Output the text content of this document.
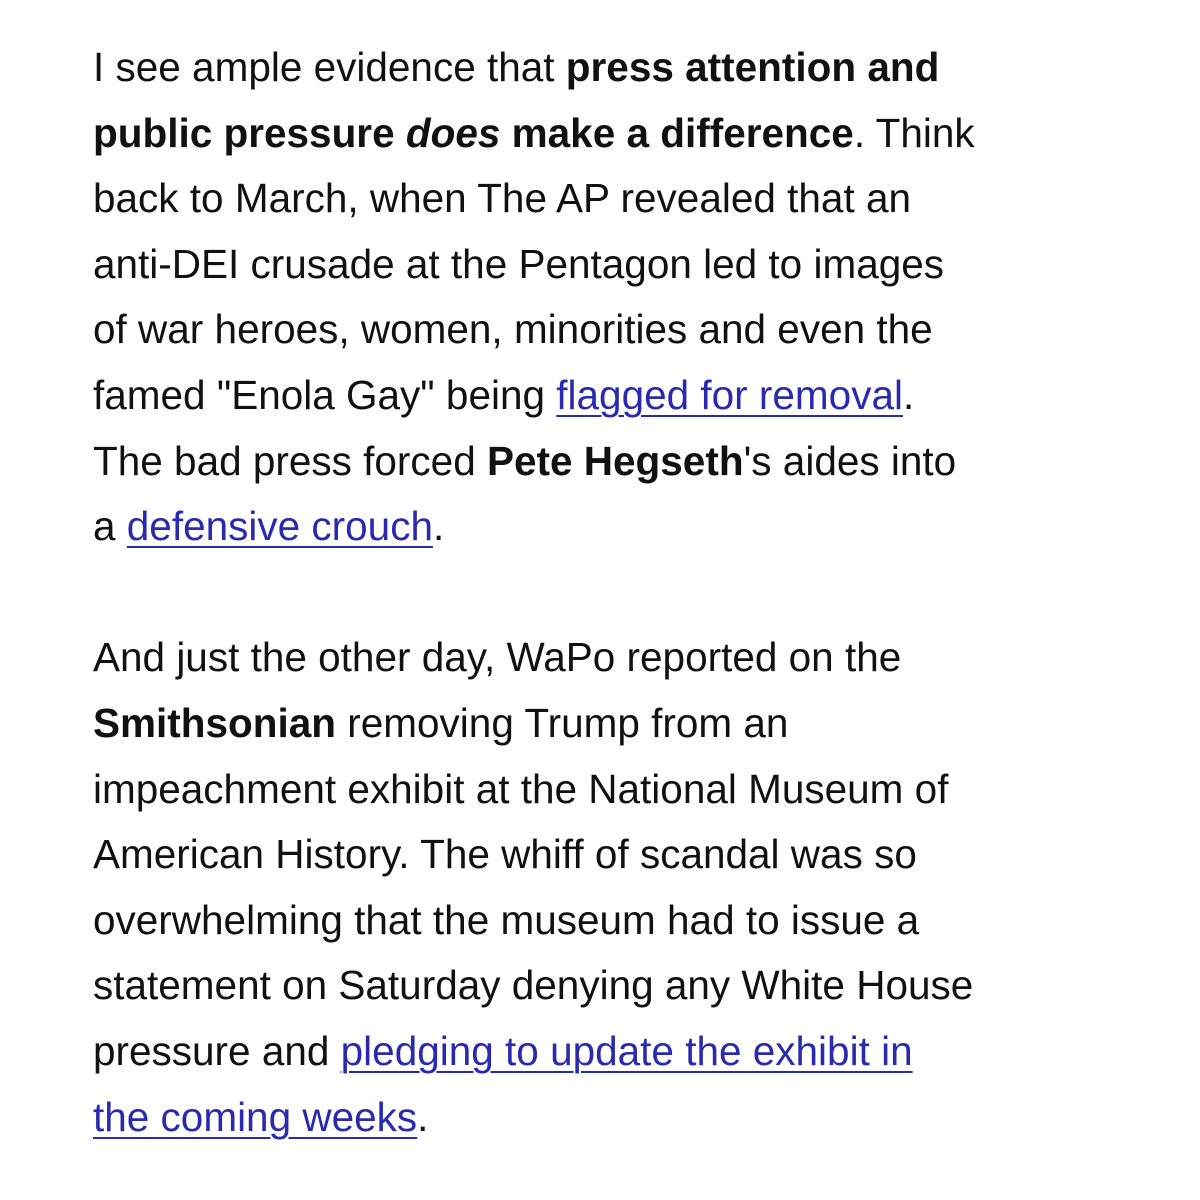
I see ample evidence that press attention and
public pressure does make a difference. Think
back to March, when The AP revealed that an
anti-DEI crusade at the Pentagon led to images
of war heroes, women, minorities and even the
famed "Enola Gay" being flagged for removal.
The bad press forced Pete Hegseth's aides into
a defensive crouch.

And just the other day, WaPo reported on the
Smithsonian removing Trump from an
impeachment exhibit at the National Museum of
American History. The whiff of scandal was so
overwhelming that the museum had to issue a
statement on Saturday denying any White House
pressure and pledging to update the exhibit in
the coming weeks.
